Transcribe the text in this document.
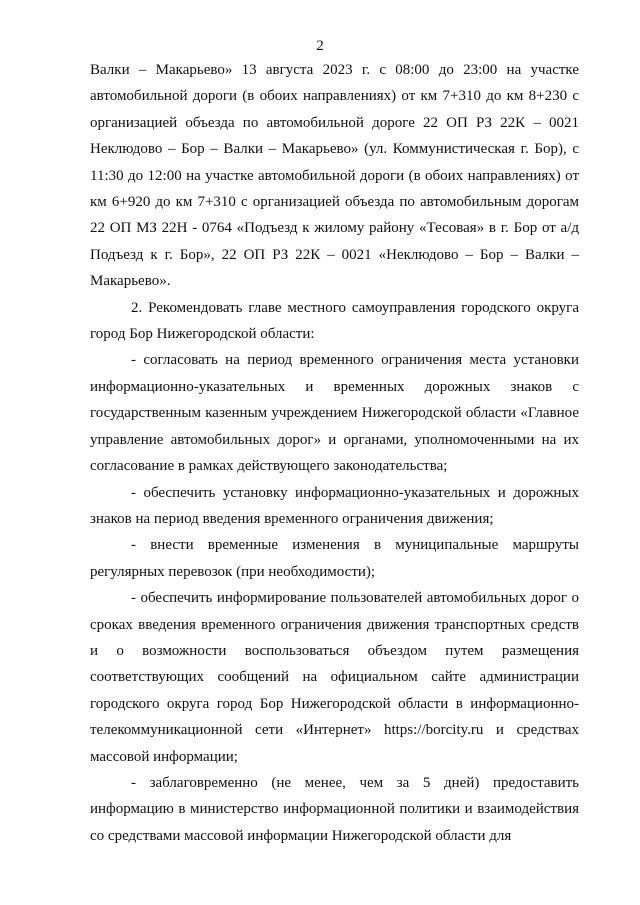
2

Валки – Макарьево» 13 августа 2023 г. с 08:00 до 23:00 на участке автомобильной дороги (в обоих направлениях) от км 7+310 до км 8+230 с организацией объезда по автомобильной дороге 22 ОП РЗ 22К – 0021 Неклюдово – Бор – Валки – Макарьево» (ул. Коммунистическая г. Бор), с 11:30 до 12:00 на участке автомобильной дороги (в обоих направлениях) от км 6+920 до км 7+310 с организацией объезда по автомобильным дорогам 22 ОП МЗ 22Н - 0764 «Подъезд к жилому району «Тесовая» в г. Бор от а/д Подъезд к г. Бор», 22 ОП РЗ 22К – 0021 «Неклюдово – Бор – Валки – Макарьево».

2. Рекомендовать главе местного самоуправления городского округа город Бор Нижегородской области:

- согласовать на период временного ограничения места установки информационно-указательных и временных дорожных знаков с государственным казенным учреждением Нижегородской области «Главное управление автомобильных дорог» и органами, уполномоченными на их согласование в рамках действующего законодательства;

- обеспечить установку информационно-указательных и дорожных знаков на период введения временного ограничения движения;

- внести временные изменения в муниципальные маршруты регулярных перевозок (при необходимости);

- обеспечить информирование пользователей автомобильных дорог о сроках введения временного ограничения движения транспортных средств и о возможности воспользоваться объездом путем размещения соответствующих сообщений на официальном сайте администрации городского округа город Бор Нижегородской области в информационно-телекоммуникационной сети «Интернет» https://borcity.ru и средствах массовой информации;

- заблаговременно (не менее, чем за 5 дней) предоставить информацию в министерство информационной политики и взаимодействия со средствами массовой информации Нижегородской области для
